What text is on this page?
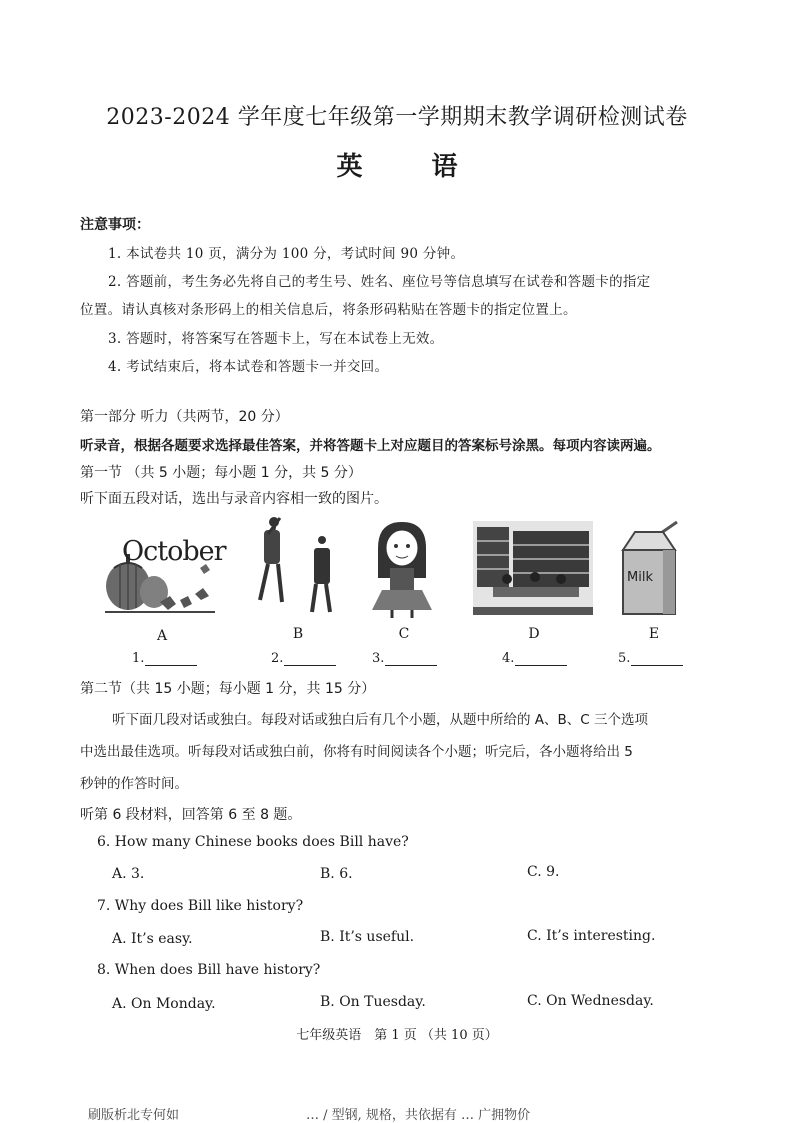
2023-2024 学年度七年级第一学期期末教学调研检测试卷
英 语
注意事项：
1. 本试卷共 10 页，满分为 100 分，考试时间 90 分钟。
2. 答题前，考生务必先将自己的考生号、姓名、座位号等信息填写在试卷和答题卡的指定
位置。请认真核对条形码上的相关信息后，将条形码粘贴在答题卡的指定位置上。
3. 答题时，将答案写在答题卡上，写在本试卷上无效。
4. 考试结束后，将本试卷和答题卡一并交回。
第一部分 听力（共两节，20 分）
听录音，根据各题要求选择最佳答案，并将答题卡上对应题目的答案标号涂黑。每项内容读两遍。
第一节 （共 5 小题；每小题 1 分，共 5 分）
听下面五段对话，选出与录音内容相一致的图片。
October
Milk
A	B	C	D	E
1.	2.	3.	4.	5.
第二节（共 15 小题；每小题 1 分，共 15 分）
听下面几段对话或独白。每段对话或独白后有几个小题，从题中所给的 A、B、C 三个选项
中选出最佳选项。听每段对话或独白前，你将有时间阅读各个小题；听完后，各小题将给出 5
秒钟的作答时间。
听第 6 段材料，回答第 6 至 8 题。
6. How many Chinese books does Bill have?
A. 3.	B. 6.	C. 9.
7. Why does Bill like history?
A. It’s easy.	B. It’s useful.	C. It’s interesting.
8. When does Bill have history?
A. On Monday.	B. On Tuesday.	C. On Wednesday.
七年级英语　第 1 页 （共 10 页）
刷版析北专何如	… / 型钢, 规格，共依据有 … 广拥物价
